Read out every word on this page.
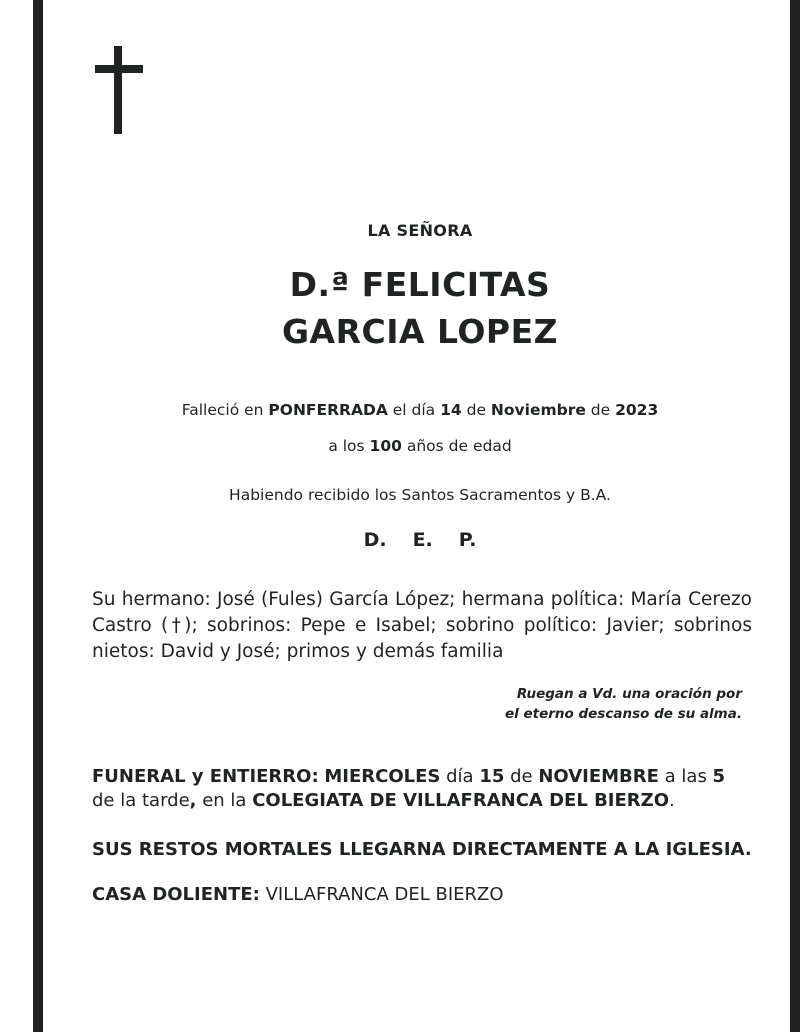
LA SEÑORA
D.ª FELICITAS
GARCIA LOPEZ
Falleció en PONFERRADA el día 14 de Noviembre de 2023
a los 100 años de edad
Habiendo recibido los Santos Sacramentos y B.A.
D. E. P.
Su hermano: José (Fules) García López; hermana política: María Cerezo Castro (†); sobrinos: Pepe e Isabel; sobrino político: Javier; sobrinos nietos: David y José; primos y demás familia
Ruegan a Vd. una oración por
el eterno descanso de su alma.
FUNERAL y ENTIERRO: MIERCOLES día 15 de NOVIEMBRE a las 5 de la tarde, en la COLEGIATA DE VILLAFRANCA DEL BIERZO.
SUS RESTOS MORTALES LLEGARNA DIRECTAMENTE A LA IGLESIA.
CASA DOLIENTE: VILLAFRANCA DEL BIERZO
